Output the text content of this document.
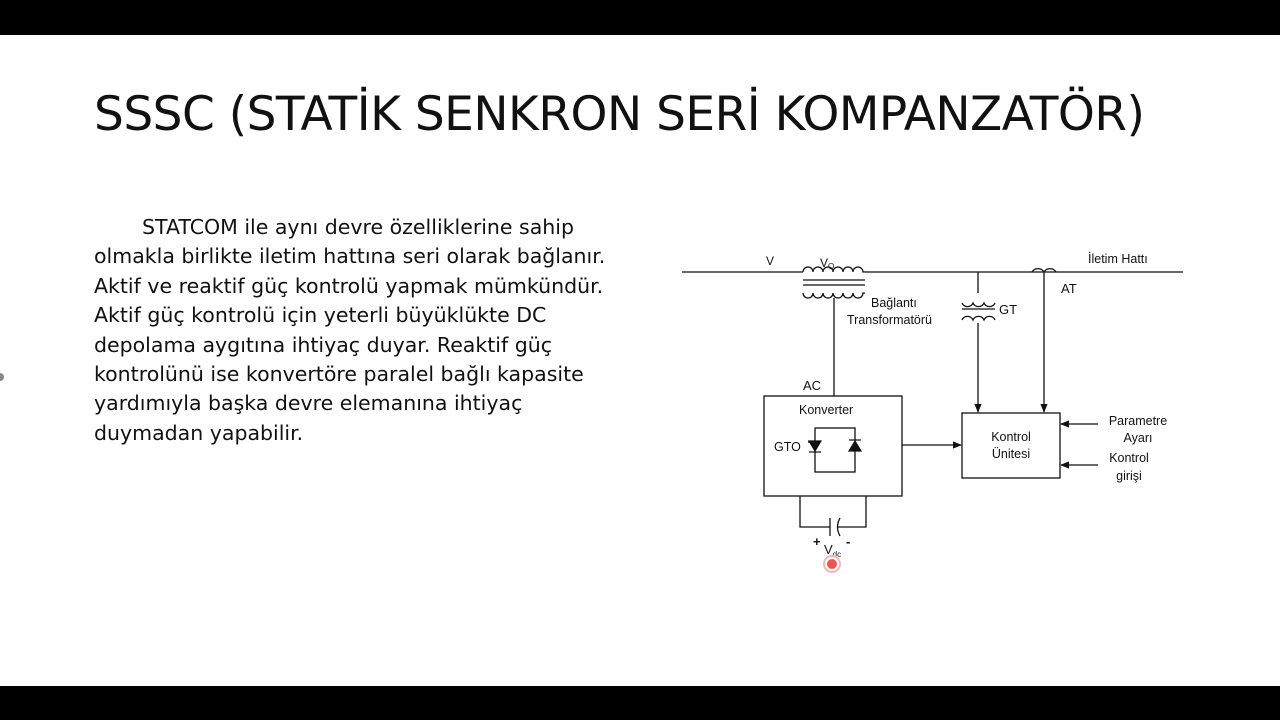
SSSC (STATİK SENKRON SERİ KOMPANZATÖR)

STATCOM ile aynı devre özelliklerine sahip olmakla birlikte iletim hattına seri olarak bağlanır. Aktif ve reaktif güç kontrolü yapmak mümkündür. Aktif güç kontrolü için yeterli büyüklükte DC depolama aygıtına ihtiyaç duyar. Reaktif güç kontrolünü ise konvertöre paralel bağlı kapasite yardımıyla başka devre elemanına ihtiyaç duymadan yapabilir.

V	VO
İletim Hattı
Bağlantı
Transformatörü
GT
AT
AC
Konverter
GTO
Kontrol
Ünitesi
Parametre
Ayarı
Kontrol
girişi
+ -
$V_{dc}$
